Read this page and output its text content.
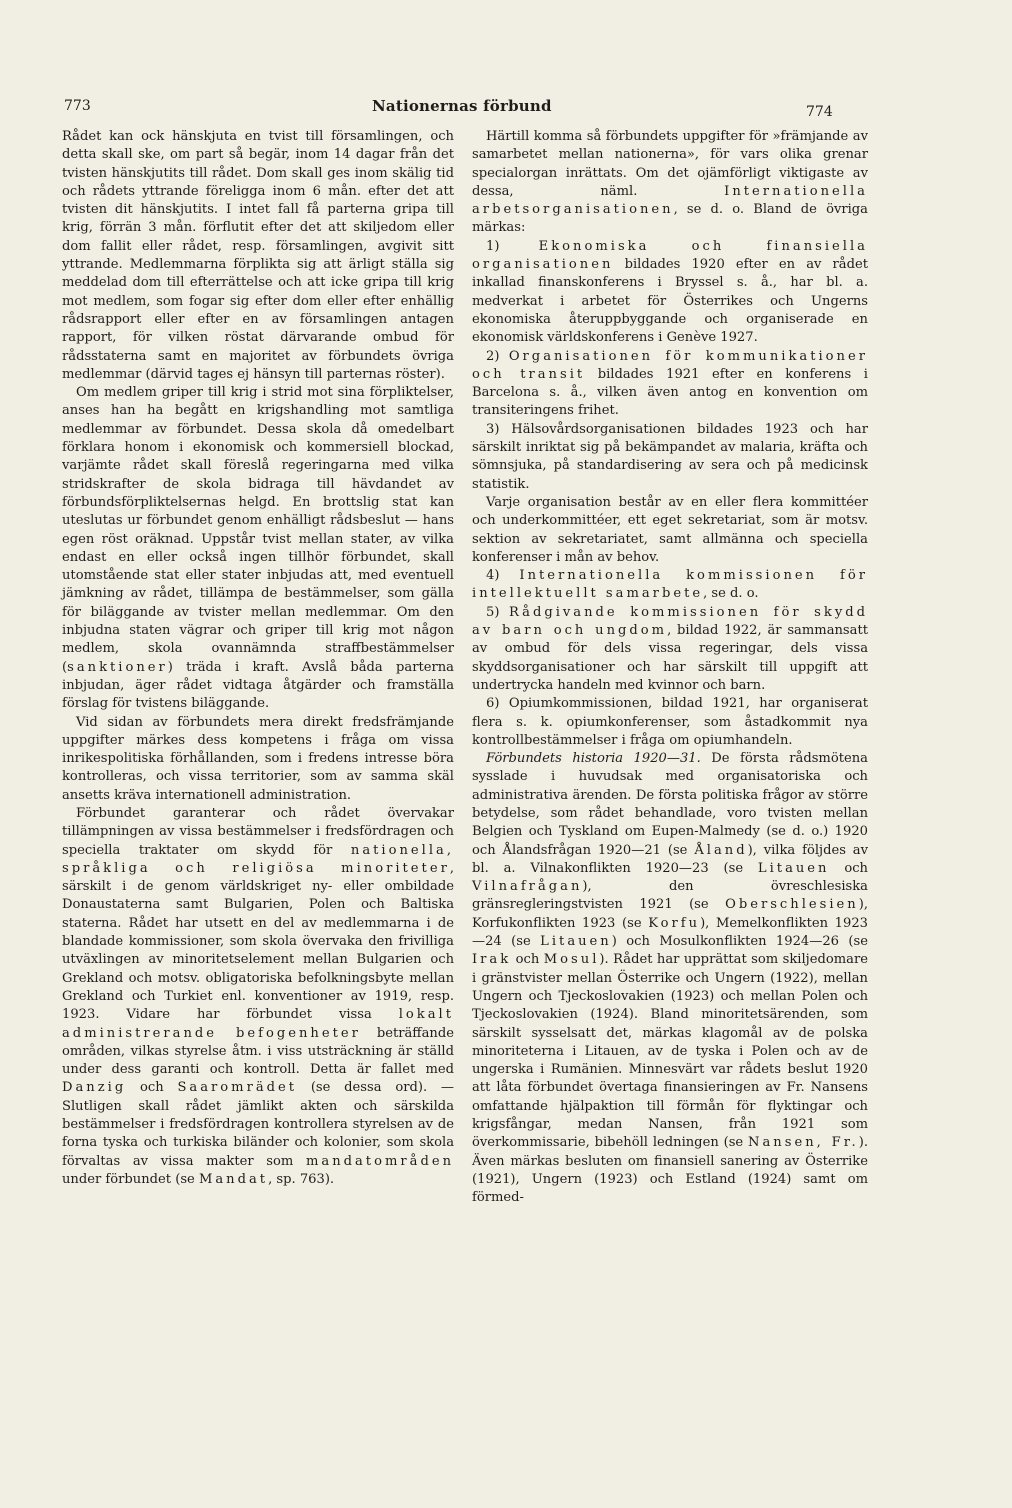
773	Nationernas förbund	774

Rådet kan ock hänskjuta en tvist till församlingen, och detta skall ske, om part så begär, inom 14 dagar från det tvisten hänskjutits till rådet. Dom skall ges inom skälig tid och rådets yttrande föreligga inom 6 mån. efter det att tvisten dit hänskjutits. I intet fall få parterna gripa till krig, förrän 3 mån. förflutit efter det att skiljedom eller dom fallit eller rådet, resp. församlingen, avgivit sitt yttrande. Medlemmarna förplikta sig att ärligt ställa sig meddelad dom till efterrättelse och att icke gripa till krig mot medlem, som fogar sig efter dom eller efter enhällig rådsrapport eller efter en av församlingen antagen rapport, för vilken röstat därvarande ombud för rådsstaterna samt en majoritet av förbundets övriga medlemmar (därvid tages ej hänsyn till parternas röster).

Om medlem griper till krig i strid mot sina förpliktelser, anses han ha begått en krigshandling mot samtliga medlemmar av förbundet. Dessa skola då omedelbart förklara honom i ekonomisk och kommersiell blockad, varjämte rådet skall föreslå regeringarna med vilka stridskrafter de skola bidraga till hävdandet av förbundsförpliktelsernas helgd. En brottslig stat kan uteslutas ur förbundet genom enhälligt rådsbeslut — hans egen röst oräknad. Uppstår tvist mellan stater, av vilka endast en eller också ingen tillhör förbundet, skall utomstående stat eller stater inbjudas att, med eventuell jämkning av rådet, tillämpa de bestämmelser, som gälla för biläggande av tvister mellan medlemmar. Om den inbjudna staten vägrar och griper till krig mot någon medlem, skola ovannämnda straffbestämmelser (sanktioner) träda i kraft. Avslå båda parterna inbjudan, äger rådet vidtaga åtgärder och framställa förslag för tvistens biläggande.

Vid sidan av förbundets mera direkt fredsfrämjande uppgifter märkes dess kompetens i fråga om vissa inrikespolitiska förhållanden, som i fredens intresse böra kontrolleras, och vissa territorier, som av samma skäl ansetts kräva internationell administration.

Förbundet garanterar och rådet övervakar tillämpningen av vissa bestämmelser i fredsfördragen och speciella traktater om skydd för nationella, språkliga och religiösa minoriteter, särskilt i de genom världskriget ny- eller ombildade Donaustaterna samt Bulgarien, Polen och Baltiska staterna. Rådet har utsett en del av medlemmarna i de blandade kommissioner, som skola övervaka den frivilliga utväxlingen av minoritetselement mellan Bulgarien och Grekland och motsv. obligatoriska befolkningsbyte mellan Grekland och Turkiet enl. konventioner av 1919, resp. 1923. Vidare har förbundet vissa lokalt administrerande befogenheter beträffande områden, vilkas styrelse åtm. i viss utsträckning är ställd under dess garanti och kontroll. Detta är fallet med Danzig och Saaromrädet (se dessa ord). — Slutligen skall rådet jämlikt akten och särskilda bestämmelser i fredsfördragen kontrollera styrelsen av de forna tyska och turkiska biländer och kolonier, som skola förvaltas av vissa makter som mandatområden under förbundet (se Mandat, sp. 763).

Härtill komma så förbundets uppgifter för »främjande av samarbetet mellan nationerna», för vars olika grenar specialorgan inrättats. Om det ojämförligt viktigaste av dessa, näml.	Internationella arbetsorganisationen, se d. o. Bland de övriga märkas:

1)	Ekonomiska och finansiella organisationen bildades 1920 efter en av rådet inkallad finanskonferens i Bryssel s. å., har bl. a. medverkat i arbetet för Österrikes och Ungerns ekonomiska återuppbyggande och organiserade en ekonomisk världskonferens i Genève 1927.

2) Organisationen för kommunikationer och transit bildades 1921 efter en konferens i Barcelona s. å., vilken även antog en konvention om transiteringens frihet.

3) Hälsovårdsorganisationen bildades 1923 och har särskilt inriktat sig på bekämpandet av malaria, kräfta och sömnsjuka, på standardisering av sera och på medicinsk statistik.

Varje organisation består av en eller flera kommittéer och underkommittéer, ett eget sekretariat, som är motsv. sektion av sekretariatet, samt allmänna och speciella konferenser i mån av behov.

4) Internationella kommissionen för intellektuellt samarbete, se d. o.

5) Rådgivande kommissionen för skydd av barn och ungdom, bildad 1922, är sammansatt av ombud för dels vissa regeringar, dels vissa skyddsorganisationer och har särskilt till uppgift att undertrycka handeln med kvinnor och barn.

6) Opiumkommissionen, bildad 1921, har organiserat flera s. k. opiumkonferenser, som åstadkommit nya kontrollbestämmelser i fråga om opiumhandeln.

Förbundets historia 1920—31. De första rådsmötena sysslade i huvudsak med organisatoriska och administrativa ärenden. De första politiska frågor av större betydelse, som rådet behandlade, voro tvisten mellan Belgien och Tyskland om Eupen-Malmedy (se d. o.) 1920 och Ålandsfrågan 1920—21 (se Åland), vilka följdes av bl. a. Vilnakonflikten 1920—23 (se Litauen och Vilnafrågan), den övreschlesiska gränsregleringstvisten 1921 (se Oberschlesien), Korfukonflikten 1923 (se Korfu), Memelkonflikten 1923—24 (se Litauen) och Mosulkonflikten 1924—26 (se Irak och Mosul). Rådet har upprättat som skiljedomare i gränstvister mellan Österrike och Ungern (1922), mellan Ungern och Tjeckoslovakien (1923) och mellan Polen och Tjeckoslovakien (1924). Bland minoritetsärenden, som särskilt sysselsatt det, märkas klagomål av de polska minoriteterna i Litauen, av de tyska i Polen och av de ungerska i Rumänien. Minnesvärt var rådets beslut 1920 att låta förbundet övertaga finansieringen av Fr. Nansens omfattande hjälpaktion till förmån för flyktingar och krigsfångar, medan Nansen, från 1921 som överkommissarie, bibehöll ledningen (se Nansen, Fr.). Även märkas besluten om finansiell sanering av Österrike (1921), Ungern (1923) och Estland (1924) samt om förmed-
